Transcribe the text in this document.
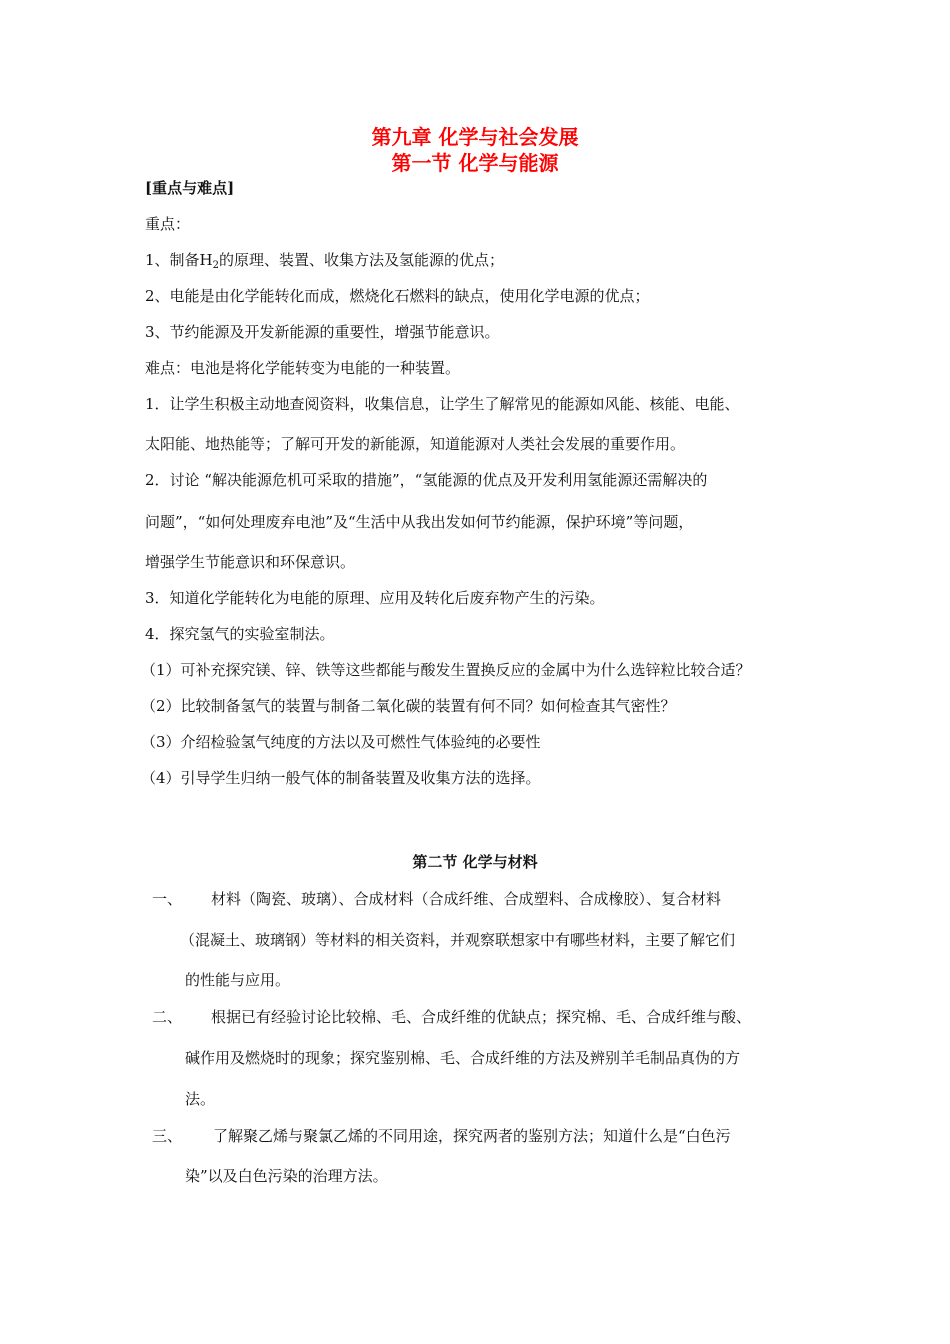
第九章 化学与社会发展
第一节 化学与能源
[重点与难点]
重点：
1、制备$H_2$的原理、装置、收集方法及氢能源的优点；
2、电能是由化学能转化而成，燃烧化石燃料的缺点，使用化学电源的优点；
3、节约能源及开发新能源的重要性，增强节能意识。
难点：电池是将化学能转变为电能的一种装置。
1．让学生积极主动地查阅资料，收集信息，让学生了解常见的能源如风能、核能、电能、
太阳能、地热能等；了解可开发的新能源，知道能源对人类社会发展的重要作用。
2．讨论 “解决能源危机可采取的措施”，“氢能源的优点及开发利用氢能源还需解决的
问题”，“如何处理废弃电池”及“生活中从我出发如何节约能源，保护环境”等问题，
增强学生节能意识和环保意识。
3．知道化学能转化为电能的原理、应用及转化后废弃物产生的污染。
4．探究氢气的实验室制法。
（1）可补充探究镁、锌、铁等这些都能与酸发生置换反应的金属中为什么选锌粒比较合适？
（2）比较制备氢气的装置与制备二氧化碳的装置有何不同？如何检查其气密性？
（3）介绍检验氢气纯度的方法以及可燃性气体验纯的必要性
（4）引导学生归纳一般气体的制备装置及收集方法的选择。
第二节 化学与材料
一、 材料（陶瓷、玻璃）、合成材料（合成纤维、合成塑料、合成橡胶）、复合材料
（混凝土、玻璃钢）等材料的相关资料，并观察联想家中有哪些材料，主要了解它们
的性能与应用。
二、 根据已有经验讨论比较棉、毛、合成纤维的优缺点；探究棉、毛、合成纤维与酸、
碱作用及燃烧时的现象；探究鉴别棉、毛、合成纤维的方法及辨别羊毛制品真伪的方
法。
三、 了解聚乙烯与聚氯乙烯的不同用途，探究两者的鉴别方法；知道什么是“白色污
染”以及白色污染的治理方法。
